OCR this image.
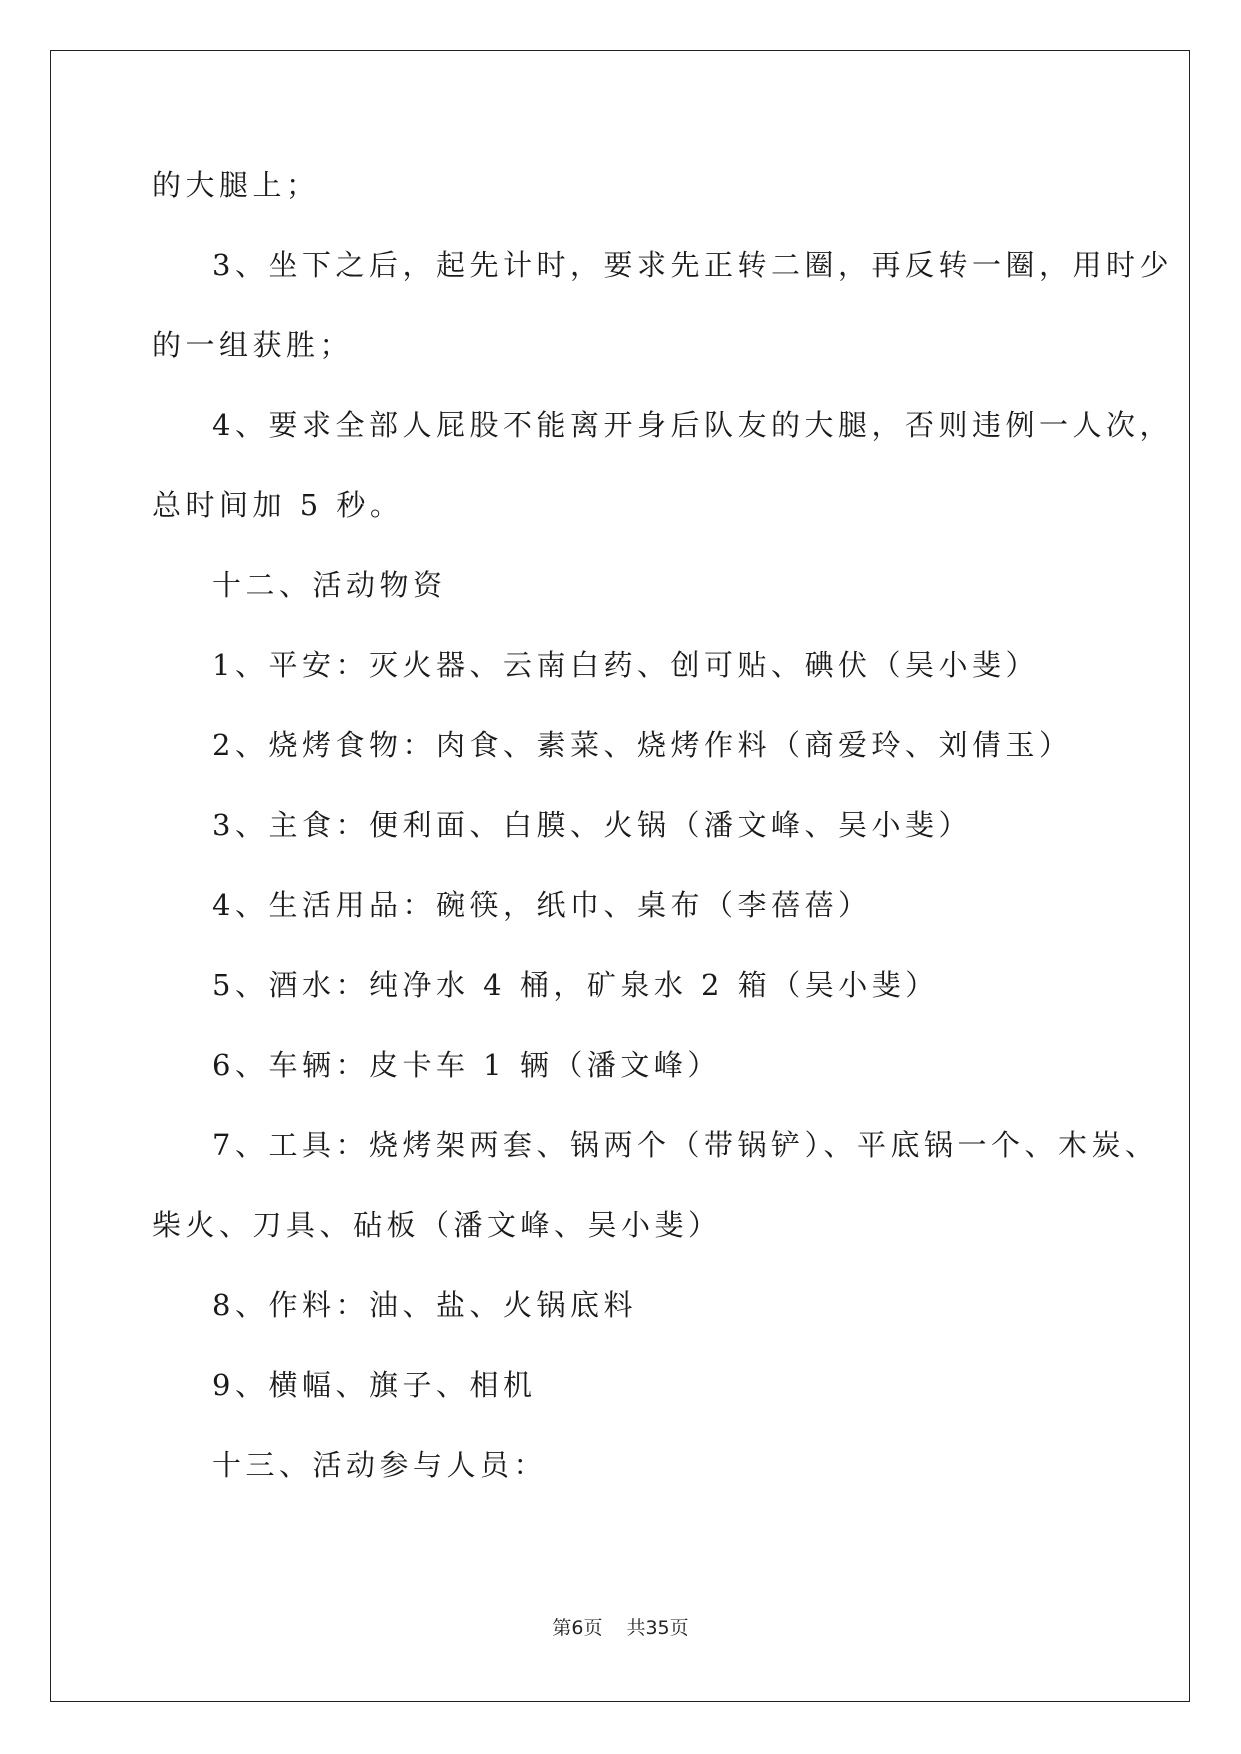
的大腿上；
3、坐下之后，起先计时，要求先正转二圈，再反转一圈，用时少
的一组获胜；
4、要求全部人屁股不能离开身后队友的大腿，否则违例一人次，
总时间加 5 秒。
十二、活动物资
1、平安：灭火器、云南白药、创可贴、碘伏（吴小斐）
2、烧烤食物：肉食、素菜、烧烤作料（商爱玲、刘倩玉）
3、主食：便利面、白膜、火锅（潘文峰、吴小斐）
4、生活用品：碗筷，纸巾、桌布（李蓓蓓）
5、酒水：纯净水 4 桶，矿泉水 2 箱（吴小斐）
6、车辆：皮卡车 1 辆（潘文峰）
7、工具：烧烤架两套、锅两个（带锅铲）、平底锅一个、木炭、
柴火、刀具、砧板（潘文峰、吴小斐）
8、作料：油、盐、火锅底料
9、横幅、旗子、相机
十三、活动参与人员：
第6页 共35页
